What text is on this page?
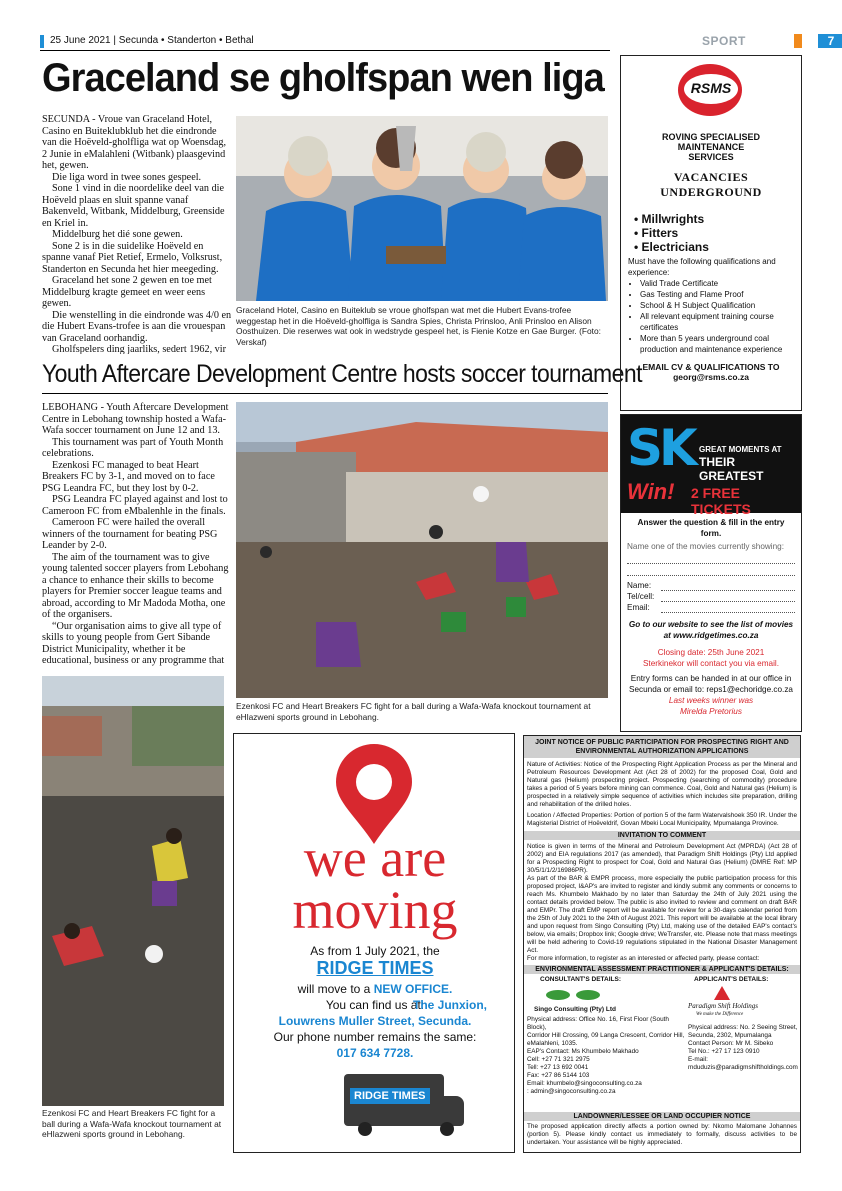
25 June 2021 | Secunda • Standerton • Bethal	SPORT	7
Graceland se gholfspan wen liga

SECUNDA - Vroue van Graceland Hotel, Casino en Buiteklubklub het die eindronde van die Hoëveld-gholfliga wat op Woensdag, 2 Junie in eMalahleni (Witbank) plaasgevind het, gewen.

Die liga word in twee sones gespeel.

Sone 1 vind in die noordelike deel van die Hoëveld plaas en sluit spanne vanaf Bakenveld, Witbank, Middelburg, Greenside en Kriel in.

Middelburg het dié sone gewen.

Sone 2 is in die suidelike Hoëveld en spanne vanaf Piet Retief, Ermelo, Volksrust, Standerton en Secunda het hier meegeding.

Graceland het sone 2 gewen en toe met Middelburg kragte gemeet en weer eens gewen.

Die wenstelling in die eindronde was 4/0 en die Hubert Evans-trofee is aan die vrouespan van Graceland oorhandig.

Gholfspelers ding jaarliks, sedert 1962, vir

Graceland Hotel, Casino en Buiteklub se vroue gholfspan wat met die Hubert Evans-trofee weggestap het in die Hoëveld-gholfliga is Sandra Spies, Christa Prinsloo, Anli Prinsloo en Alison Oosthuizen. Die reserwes wat ook in wedstryde gespeel het, is Fienie Kotze en Gae Burger. (Foto: Verskaf)

Youth Aftercare Development Centre hosts soccer tournament

LEBOHANG - Youth Aftercare Development Centre in Lebohang township hosted a Wafa-Wafa soccer tournament on June 12 and 13.

This tournament was part of Youth Month celebrations.

Ezenkosi FC managed to beat Heart Breakers FC by 3-1, and moved on to face PSG Leandra FC, but they lost by 0-2.

PSG Leandra FC played against and lost to Cameroon FC from eMbalenhle in the finals.

Cameroon FC were hailed the overall winners of the tournament for beating PSG Leander by 2-0.

The aim of the tournament was to give young talented soccer players from Lebohang a chance to enhance their skills to become players for Premier soccer league teams and abroad, according to Mr Madoda Motha, one of the organisers.

“Our organisation aims to give all type of skills to young people from Gert Sibande District Municipality, whether it be educational, business or any programme that

Ezenkosi FC and Heart Breakers FC fight for a ball during a Wafa-Wafa knockout tournament at eHlazweni sports ground in Lebohang.

Ezenkosi FC and Heart Breakers FC fight for a ball during a Wafa-Wafa knockout tournament at eHlazweni sports ground in Lebohang.

RSMS
ROVING SPECIALISED MAINTENANCE SERVICES
VACANCIES
UNDERGROUND
• Millwrights
• Fitters
• Electricians
Must have the following qualifications and experience:
• Valid Trade Certificate
• Gas Testing and Flame Proof
• School & H Subject Qualification
• All relevant equipment training course certificates
• More than 5 years underground coal production and maintenance experience
EMAIL CV & QUALIFICATIONS TO
georg@rsms.co.za
SK GREAT MOMENTS AT
THEIR GREATEST
Win! 2 FREE TICKETS
Answer the question & fill in the entry form.
Name one of the movies currently showing:
Name:
Tel/cell:
Email:
Go to our website to see the list of movies at www.ridgetimes.co.za
Closing date: 25th June 2021
Sterkinekor will contact you via email.
Entry forms can be handed in at our office in Secunda or email to: reps1@echoridge.co.za
Last weeks winner was
Mirelda Pretorius
we are
moving
As from 1 July 2021, the
RIDGE TIMES
will move to a NEW OFFICE.
You can find us at:
The Junxion,
Louwrens Muller Street, Secunda.
Our phone number remains the same:
017 634 7728.
RIDGE TIMES
JOINT NOTICE OF PUBLIC PARTICIPATION FOR PROSPECTING RIGHT AND ENVIRONMENTAL AUTHORIZATION APPLICATIONS
Nature of Activities: Notice of the Prospecting Right Application Process as per the Mineral and Petroleum Resources Development Act (Act 28 of 2002) for the proposed Coal, Gold and Natural gas (Helium) prospecting project. Prospecting (searching of commodity) procedure takes a period of 5 years before mining can commence. Coal, Gold and Natural gas (Helium) is prospected in a relatively simple sequence of activities which includes site preparation, drilling and rehabilitation of the drilled holes.
Location / Affected Properties: Portion of portion 5 of the farm Watervalshoek 350 IR. Under the Magisterial District of Hoëveldrif, Govan Mbeki Local Municipality, Mpumalanga Province.
INVITATION TO COMMENT
Notice is given in terms of the Mineral and Petroleum Development Act (MPRDA) (Act 28 of 2002) and EIA regulations 2017 (as amended), that Paradigm Shift Holdings (Pty) Ltd applied for a Prospecting Right to prospect for Coal, Gold and Natural Gas (Helium) (DMRE Ref: MP 30/5/1/1/2/16986PR).
As part of the BAR & EMPR process, more especially the public participation process for this proposed project, I&AP's are invited to register and kindly submit any comments or concerns to reach Ms. Khumbelo Makhado by no later than Saturday the 24th of July 2021 using the contact details provided below. The public is also invited to review and comment on draft BAR and EMPr. The draft EMP report will be available for review for a 30-days calendar period from the 25th of July 2021 to the 24th of August 2021. This report will be available at the local library and upon request from Singo Consulting (Pty) Ltd, making use of the detailed EAP's contact's below, via emails; Dropbox link; Google drive; WeTransfer, etc. Please note that mass meetings will be held adhering to Covid-19 regulations stipulated in the National Disaster Management Act.
For more information, to register as an interested or affected party, please contact:
ENVIRONMENTAL ASSESSMENT PRACTITIONER & APPLICANT'S DETAILS:
CONSULTANT'S DETAILS:	APPLICANT'S DETAILS:
Singo Consulting (Pty) Ltd	Paradigm Shift Holdings
We make the Difference
Physical address: Office No. 16, First Floor (South Block),
Corridor Hill Crossing, 09 Langa Crescent, Corridor Hill,
eMalahleni, 1035.
EAP's Contact: Ms Khumbelo Makhado
Cell: +27 71 321 2975
Tell: +27 13 692 0041
Fax: +27 86 5144 103
Email: khumbelo@singoconsulting.co.za
: admin@singoconsulting.co.za
Physical address: No. 2 Seeing Street,
Secunda, 2302, Mpumalanga
Contact Person: Mr M. Sibeko
Tel No.: +27 17 123 0910
E-mail:
mduduzis@paradigmshiftholdings.com
LANDOWNER/LESSEE OR LAND OCCUPIER NOTICE
The proposed application directly affects a portion owned by: Nkomo Malomane Johannes (portion 5). Please kindly contact us immediately to formally, discuss activities to be undertaken. Your assistance will be highly appreciated.
